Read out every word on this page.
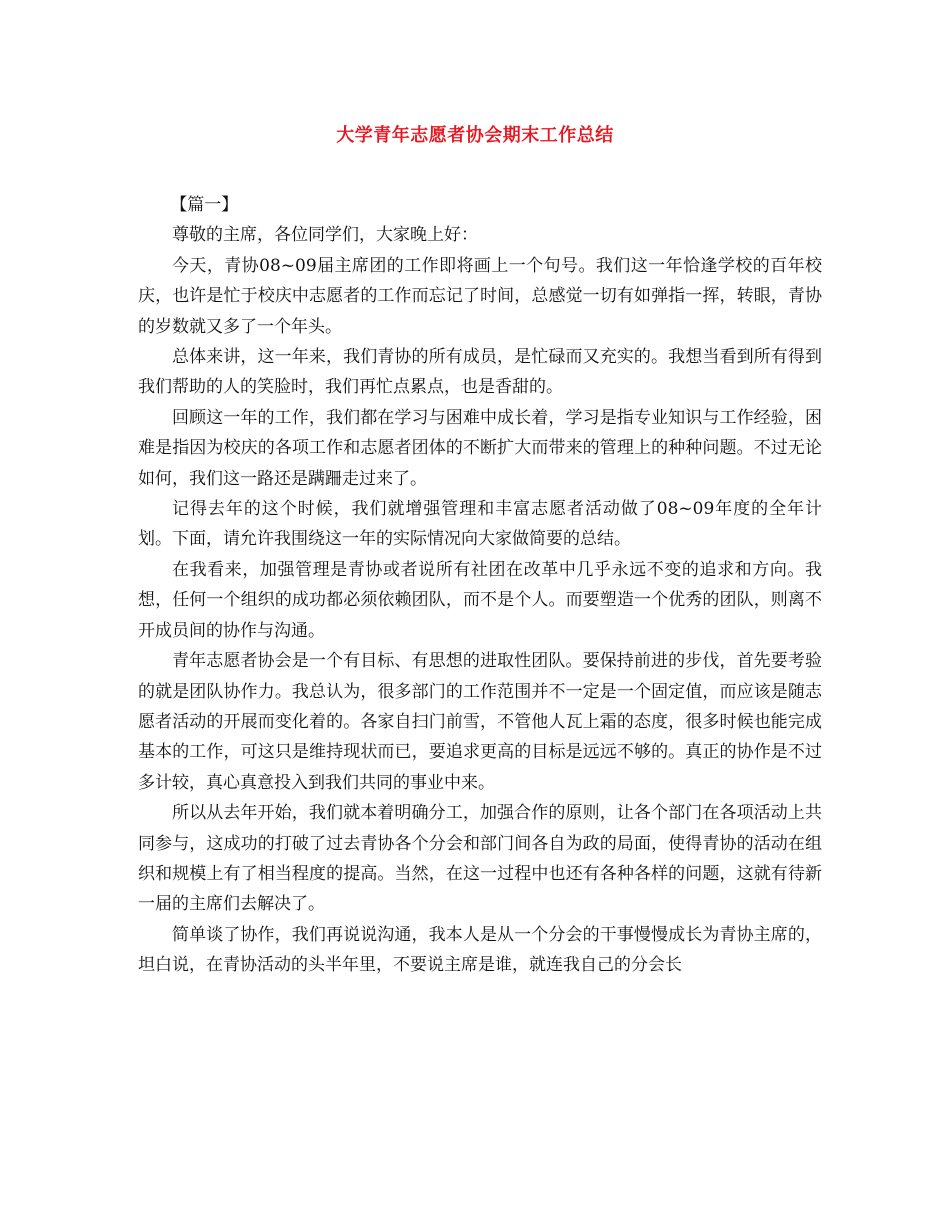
大学青年志愿者协会期末工作总结

【篇一】

尊敬的主席，各位同学们，大家晚上好：

今天，青协08~09届主席团的工作即将画上一个句号。我们这一年恰逢学校的百年校庆，也许是忙于校庆中志愿者的工作而忘记了时间，总感觉一切有如弹指一挥，转眼，青协的岁数就又多了一个年头。

总体来讲，这一年来，我们青协的所有成员，是忙碌而又充实的。我想当看到所有得到我们帮助的人的笑脸时，我们再忙点累点，也是香甜的。

回顾这一年的工作，我们都在学习与困难中成长着，学习是指专业知识与工作经验，困难是指因为校庆的各项工作和志愿者团体的不断扩大而带来的管理上的种种问题。不过无论如何，我们这一路还是蹒跚走过来了。

记得去年的这个时候，我们就增强管理和丰富志愿者活动做了08~09年度的全年计划。下面，请允许我围绕这一年的实际情况向大家做简要的总结。

在我看来，加强管理是青协或者说所有社团在改革中几乎永远不变的追求和方向。我想，任何一个组织的成功都必须依赖团队，而不是个人。而要塑造一个优秀的团队，则离不开成员间的协作与沟通。

青年志愿者协会是一个有目标、有思想的进取性团队。要保持前进的步伐，首先要考验的就是团队协作力。我总认为，很多部门的工作范围并不一定是一个固定值，而应该是随志愿者活动的开展而变化着的。各家自扫门前雪，不管他人瓦上霜的态度，很多时候也能完成基本的工作，可这只是维持现状而已，要追求更高的目标是远远不够的。真正的协作是不过多计较，真心真意投入到我们共同的事业中来。

所以从去年开始，我们就本着明确分工，加强合作的原则，让各个部门在各项活动上共同参与，这成功的打破了过去青协各个分会和部门间各自为政的局面，使得青协的活动在组织和规模上有了相当程度的提高。当然，在这一过程中也还有各种各样的问题，这就有待新一届的主席们去解决了。

简单谈了协作，我们再说说沟通，我本人是从一个分会的干事慢慢成长为青协主席的，坦白说，在青协活动的头半年里，不要说主席是谁，就连我自己的分会长
